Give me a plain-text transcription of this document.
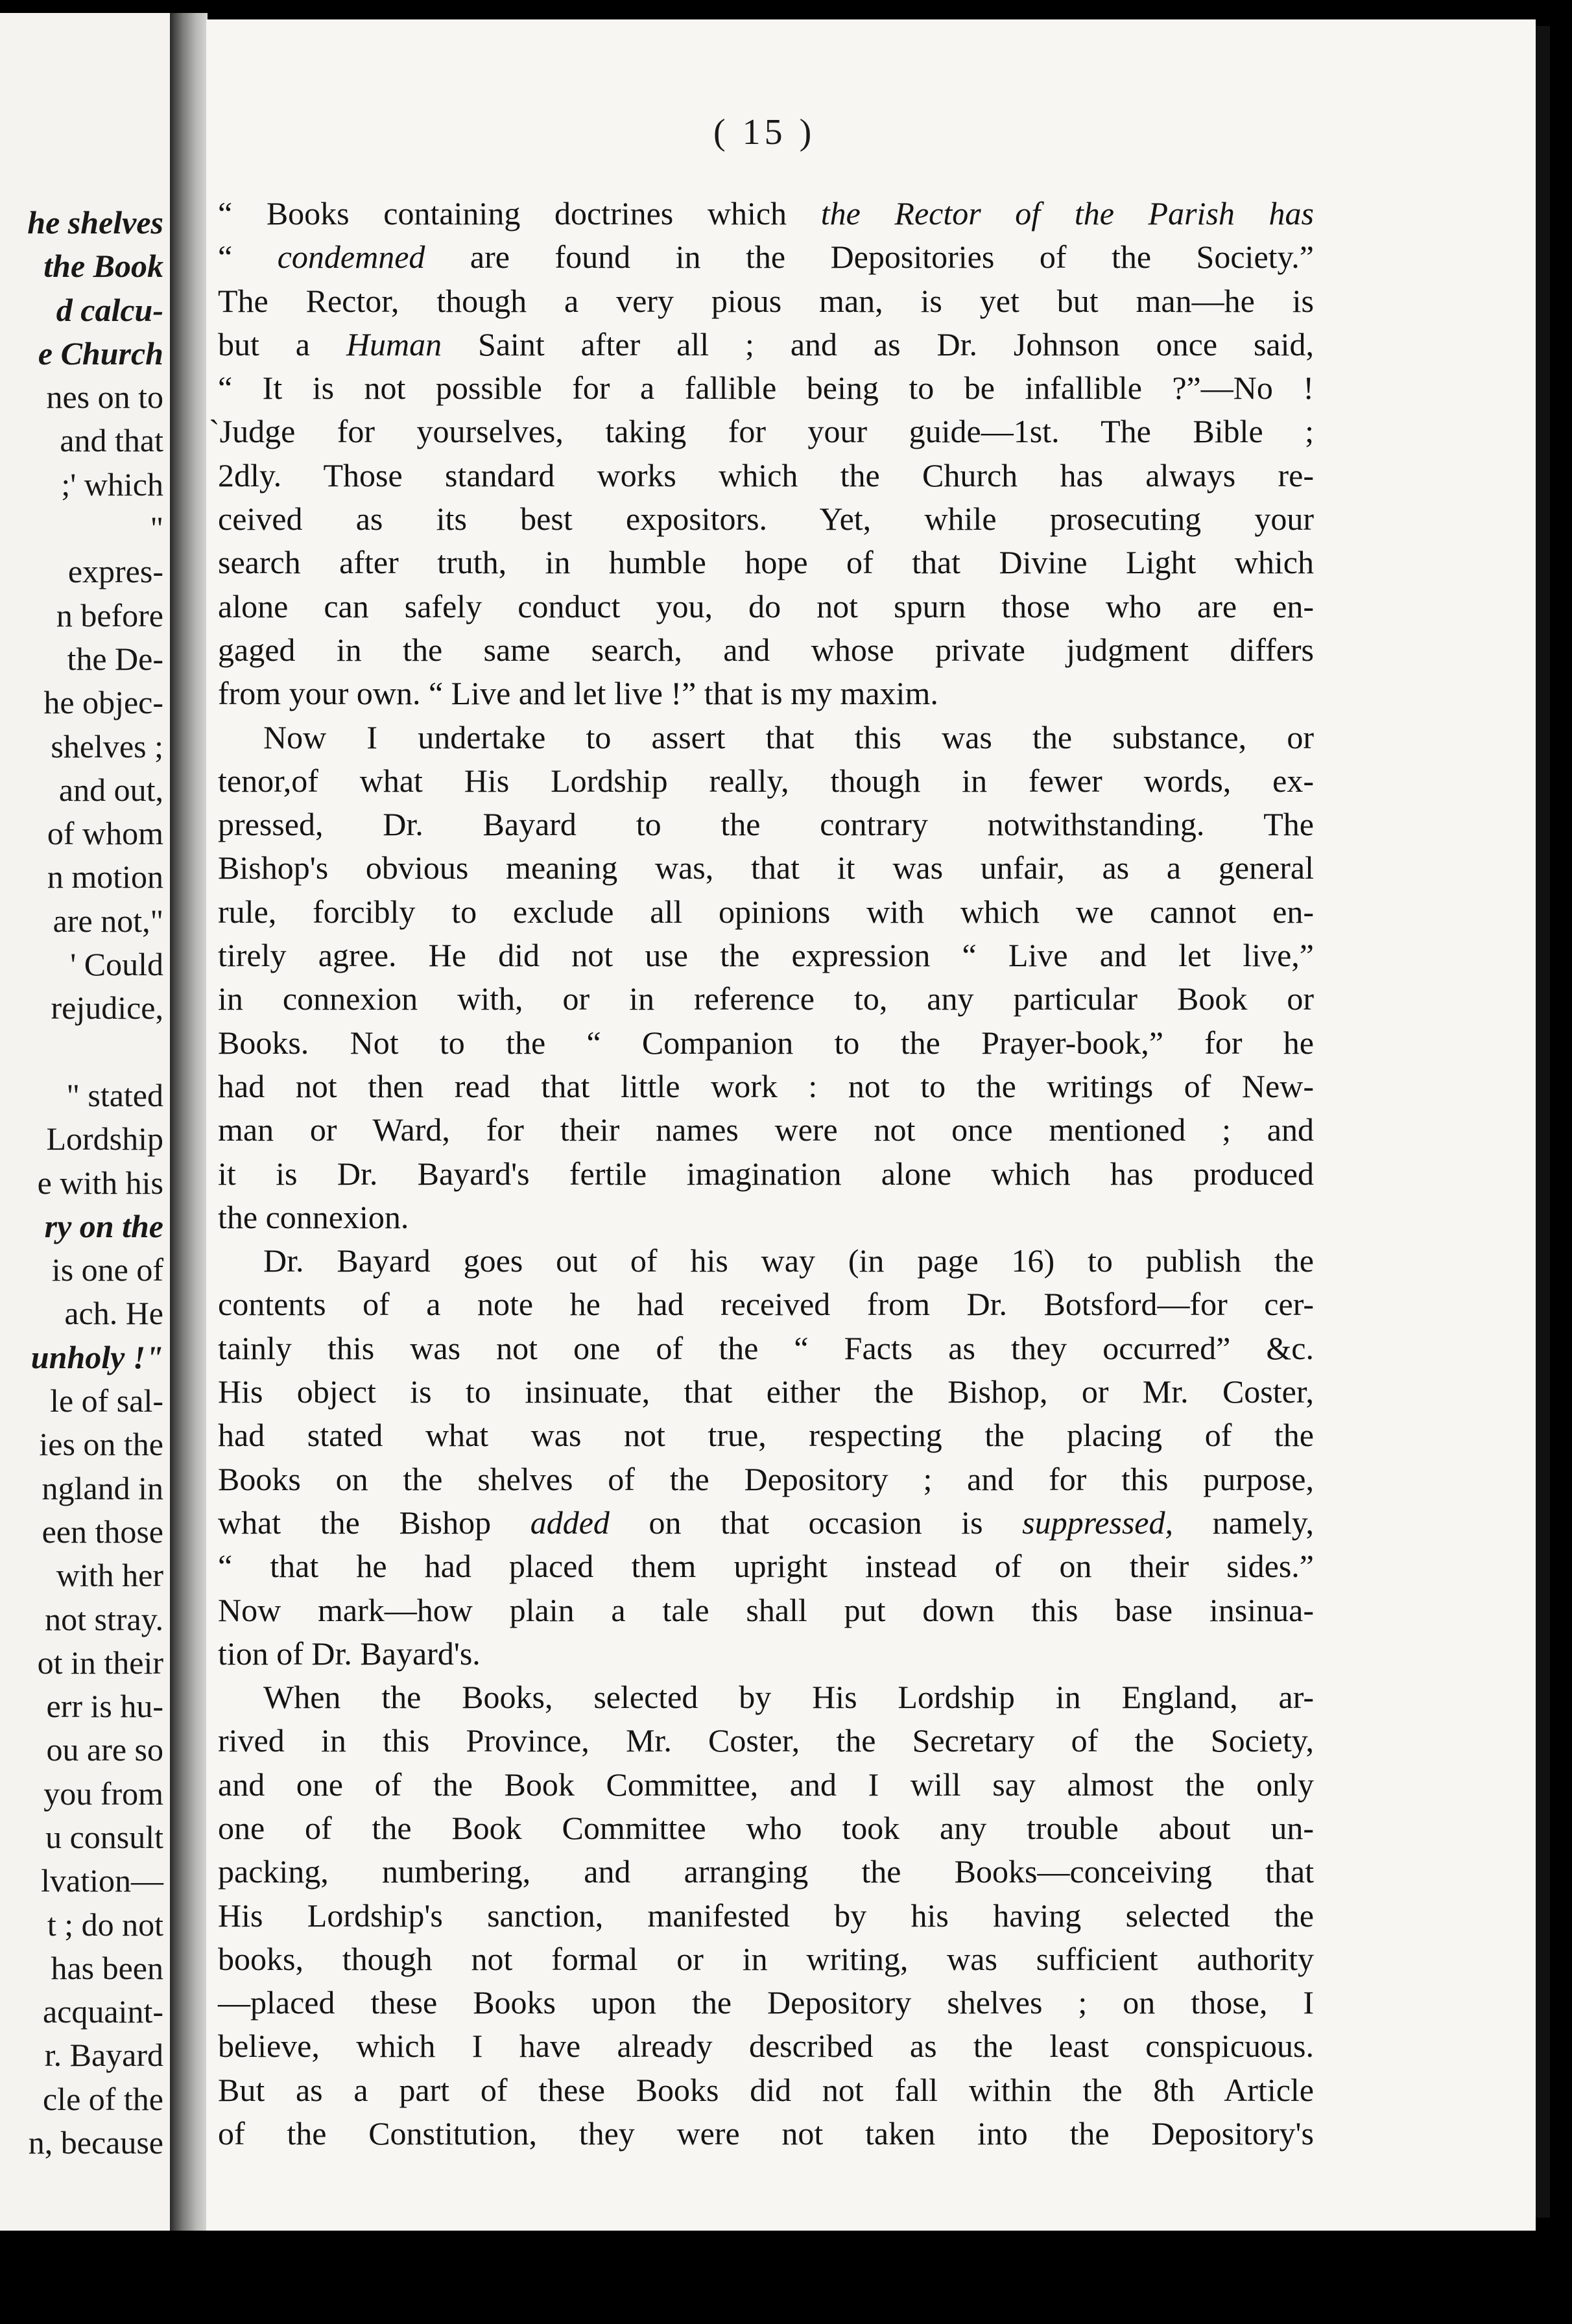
he shelves
the Book
d calcu-
e Church
nes on to
and that
;' which
"
expres-
n before
the De-
he objec-
shelves ;
and out,
of whom
n motion
are not,"
' Could
rejudice,
" stated
Lordship
e with his
ry on the
is one of
ach. He
unholy !"
le of sal-
ies on the
ngland in
een those
with her
not stray.
ot in their
err is hu-
ou are so
you from
u consult
lvation—
t ; do not
has been
acquaint-
r. Bayard
cle of the
n, because
( 15 )
“ Books containing doctrines which the Rector of the Parish has
“ condemned are found in the Depositories of the Society.”
The Rector, though a very pious man, is yet but man—he is
but a Human Saint after all ; and as Dr. Johnson once said,
“ It is not possible for a fallible being to be infallible ?”—No !
`Judge for yourselves, taking for your guide—1st. The Bible ;
2dly. Those standard works which the Church has always re-
ceived as its best expositors. Yet, while prosecuting your
search after truth, in humble hope of that Divine Light which
alone can safely conduct you, do not spurn those who are en-
gaged in the same search, and whose private judgment differs
from your own. “ Live and let live !” that is my maxim.
Now I undertake to assert that this was the substance, or
tenor,of what His Lordship really, though in fewer words, ex-
pressed, Dr. Bayard to the contrary notwithstanding. The
Bishop's obvious meaning was, that it was unfair, as a general
rule, forcibly to exclude all opinions with which we cannot en-
tirely agree. He did not use the expression “ Live and let live,”
in connexion with, or in reference to, any particular Book or
Books. Not to the “ Companion to the Prayer-book,” for he
had not then read that little work : not to the writings of New-
man or Ward, for their names were not once mentioned ; and
it is Dr. Bayard's fertile imagination alone which has produced
the connexion.
Dr. Bayard goes out of his way (in page 16) to publish the
contents of a note he had received from Dr. Botsford—for cer-
tainly this was not one of the “ Facts as they occurred” &c.
His object is to insinuate, that either the Bishop, or Mr. Coster,
had stated what was not true, respecting the placing of the
Books on the shelves of the Depository ; and for this purpose,
what the Bishop added on that occasion is suppressed, namely,
“ that he had placed them upright instead of on their sides.”
Now mark—how plain a tale shall put down this base insinua-
tion of Dr. Bayard's.
When the Books, selected by His Lordship in England, ar-
rived in this Province, Mr. Coster, the Secretary of the Society,
and one of the Book Committee, and I will say almost the only
one of the Book Committee who took any trouble about un-
packing, numbering, and arranging the Books—conceiving that
His Lordship's sanction, manifested by his having selected the
books, though not formal or in writing, was sufficient authority
—placed these Books upon the Depository shelves ; on those, I
believe, which I have already described as the least conspicuous.
But as a part of these Books did not fall within the 8th Article
of the Constitution, they were not taken into the Depository's
